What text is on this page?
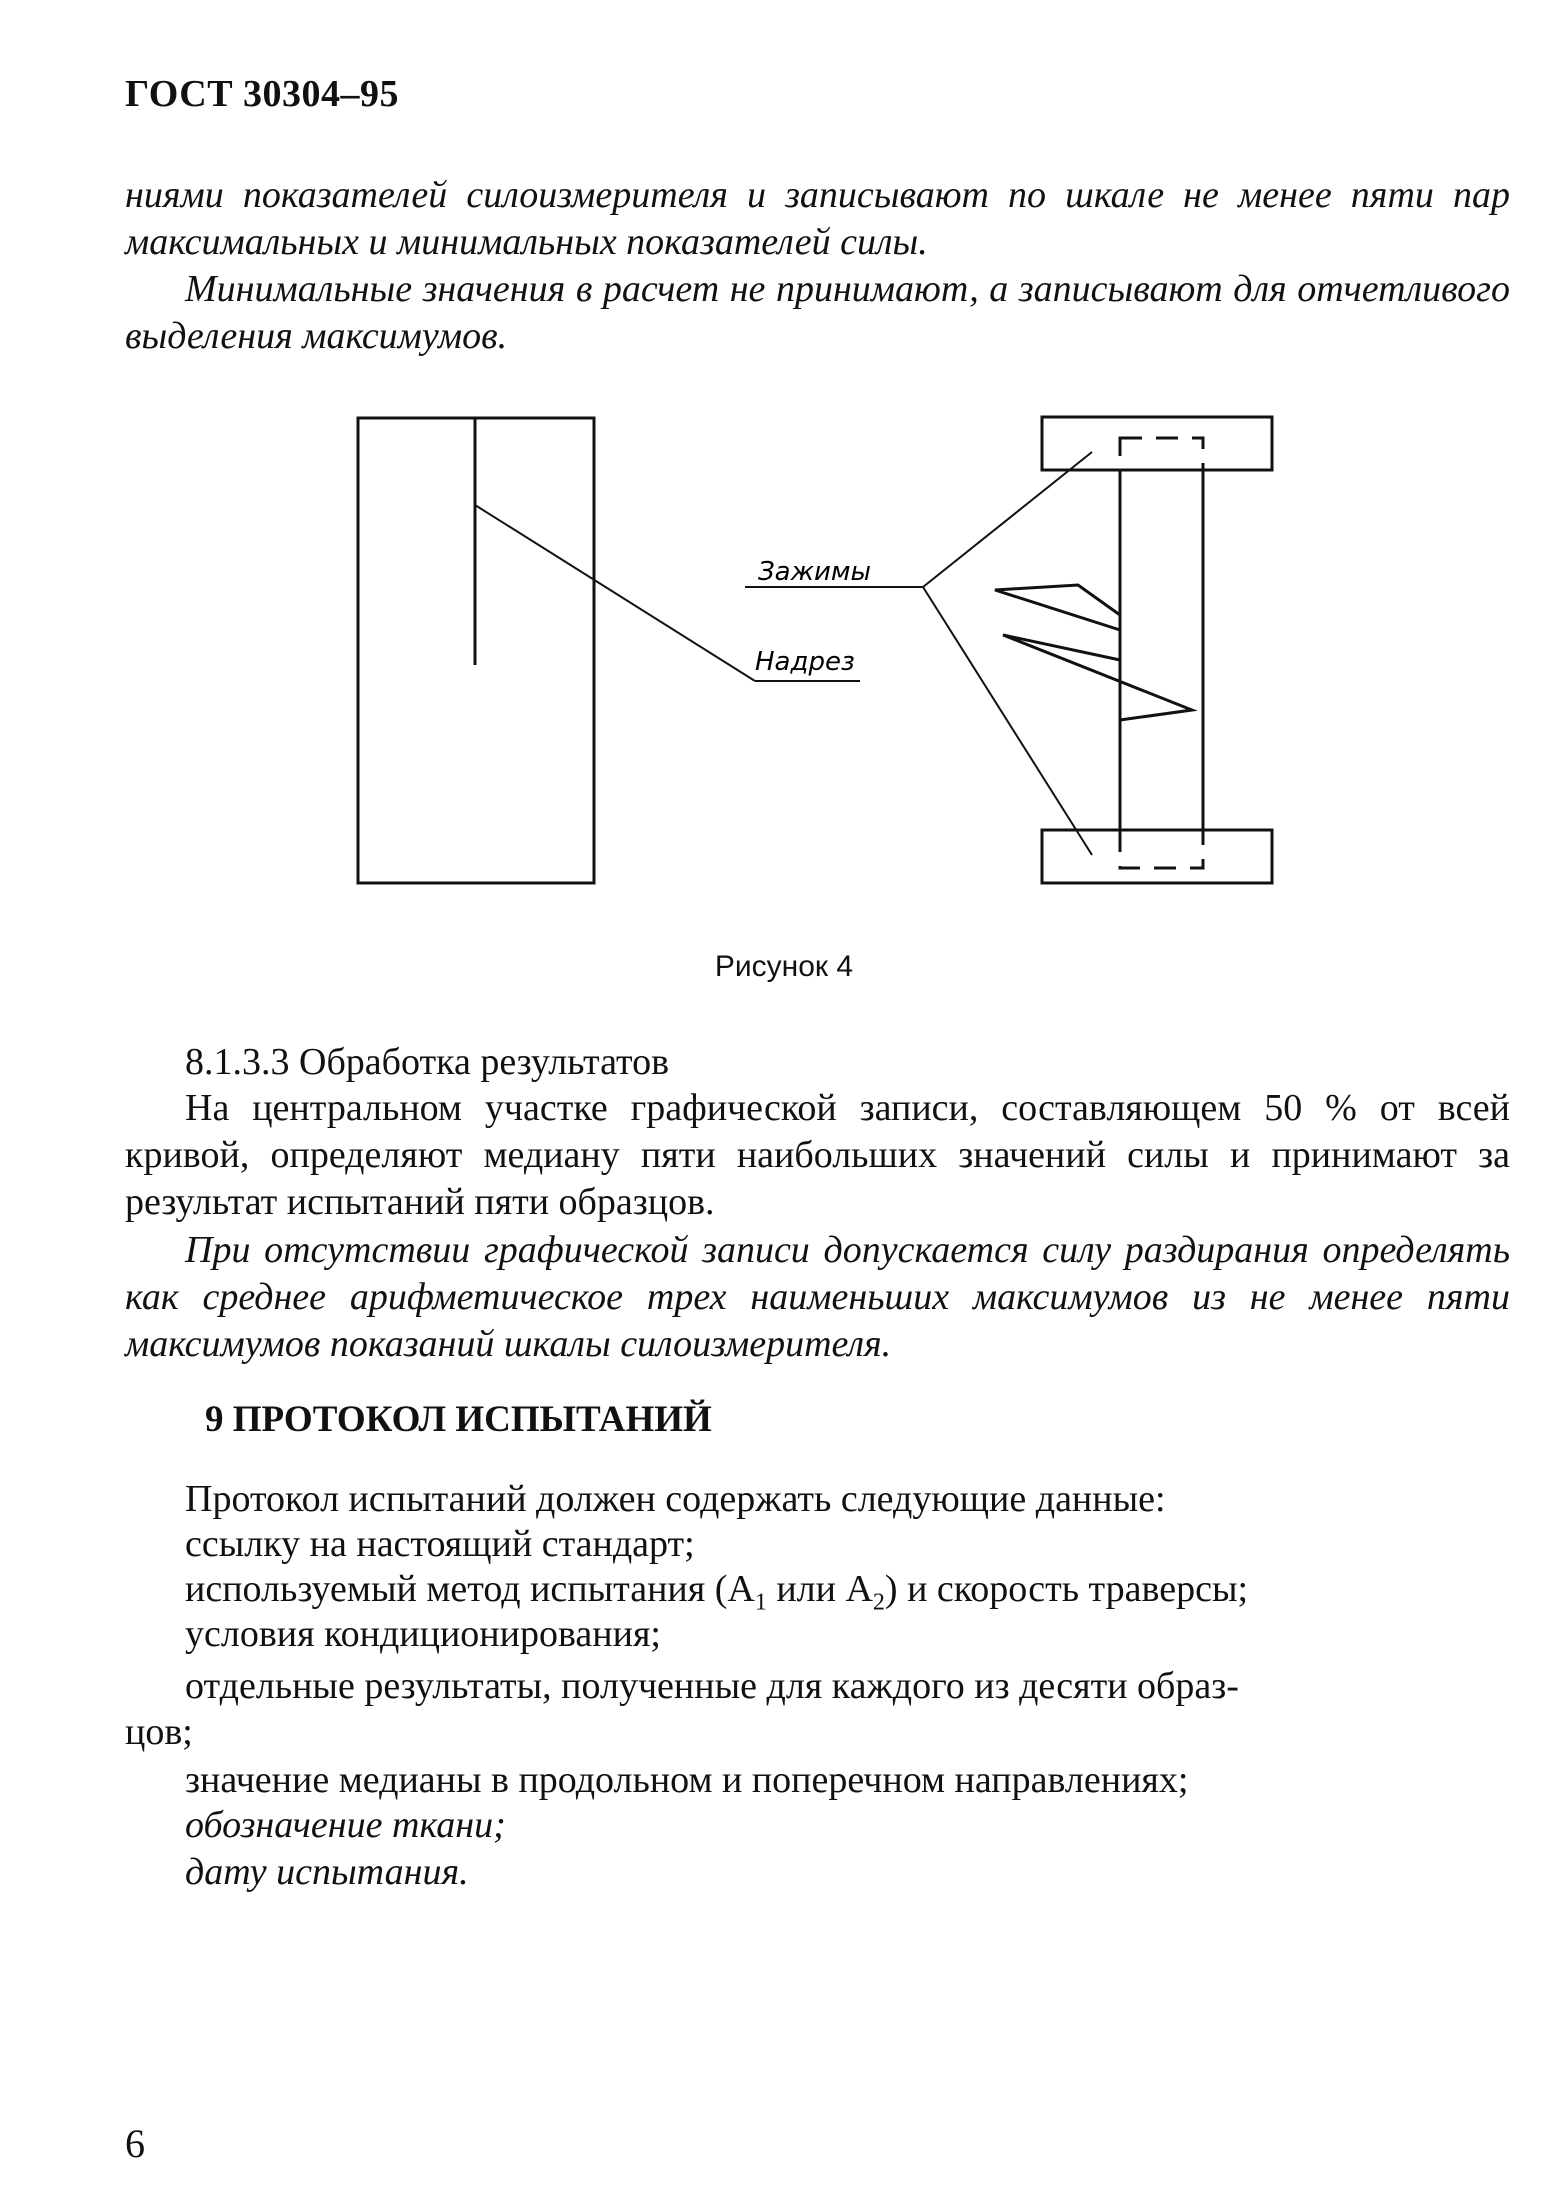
ГОСТ 30304–95

ниями показателей силоизмерителя и записывают по шкале не менее пяти пар максимальных и минимальных показателей силы.

Минимальные значения в расчет не принимают, а записывают для отчетливого выделения максимумов.

Зажимы
Надрез
Рисунок 4
8.1.3.3 Обработка результатов

На центральном участке графической записи, составляющем 50 % от всей кривой, определяют медиану пяти наибольших значений силы и принимают за результат испытаний пяти образцов.

При отсутствии графической записи допускается силу раздирания определять как среднее арифметическое трех наименьших максимумов из не менее пяти максимумов показаний шкалы силоизмерителя.

9 ПРОТОКОЛ ИСПЫТАНИЙ
Протокол испытаний должен содержать следующие данные:
ссылку на настоящий стандарт;
используемый метод испытания ($А_1$ или $А_2$) и скорость траверсы;
условия кондиционирования;
отдельные результаты, полученные для каждого из десяти образ-
цов;
значение медианы в продольном и поперечном направлениях;
обозначение ткани;
дату испытания.
6
